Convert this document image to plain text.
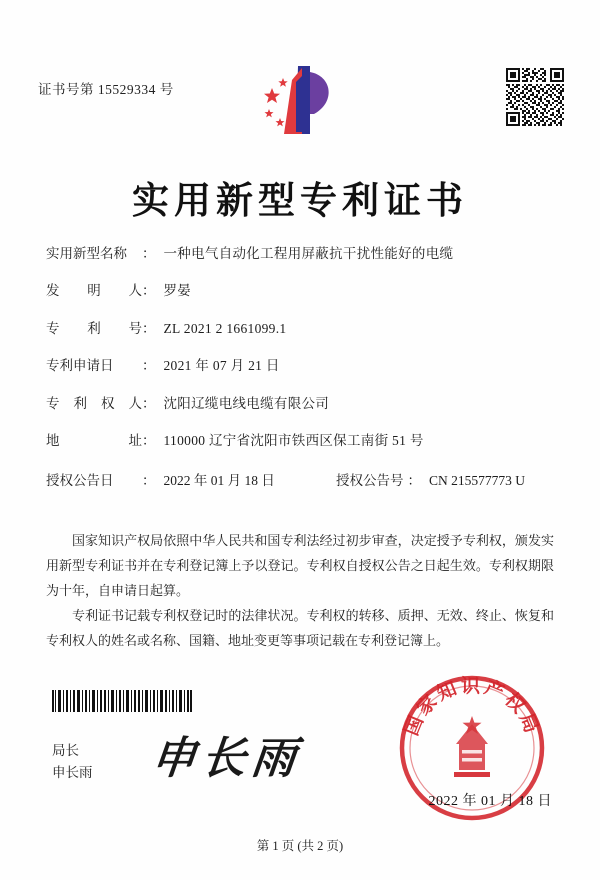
证书号第 15529334 号
实用新型专利证书
实用新型名称	： 一种电气自动化工程用屏蔽抗干扰性能好的电缆
发 明 人 ： 罗晏
专 利 号 ： ZL 2021 2 1661099.1
专利申请日	： 2021 年 07 月 21 日
专 利 权 人 ： 沈阳辽缆电线电缆有限公司
地	址 ： 110000 辽宁省沈阳市铁西区保工南街 51 号
授权公告日	： 2022 年 01 月 18 日	授权公告号 ： CN 215577773 U

国家知识产权局依照中华人民共和国专利法经过初步审查，决定授予专利权，颁发实用新型专利证书并在专利登记簿上予以登记。专利权自授权公告之日起生效。专利权期限为十年，自申请日起算。

专利证书记载专利权登记时的法律状况。专利权的转移、质押、无效、终止、恢复和专利权人的姓名或名称、国籍、地址变更等事项记载在专利登记簿上。

局长
申长雨 申长雨
国家知识产权局
2022 年 01 月 18 日
第 1 页 (共 2 页)
